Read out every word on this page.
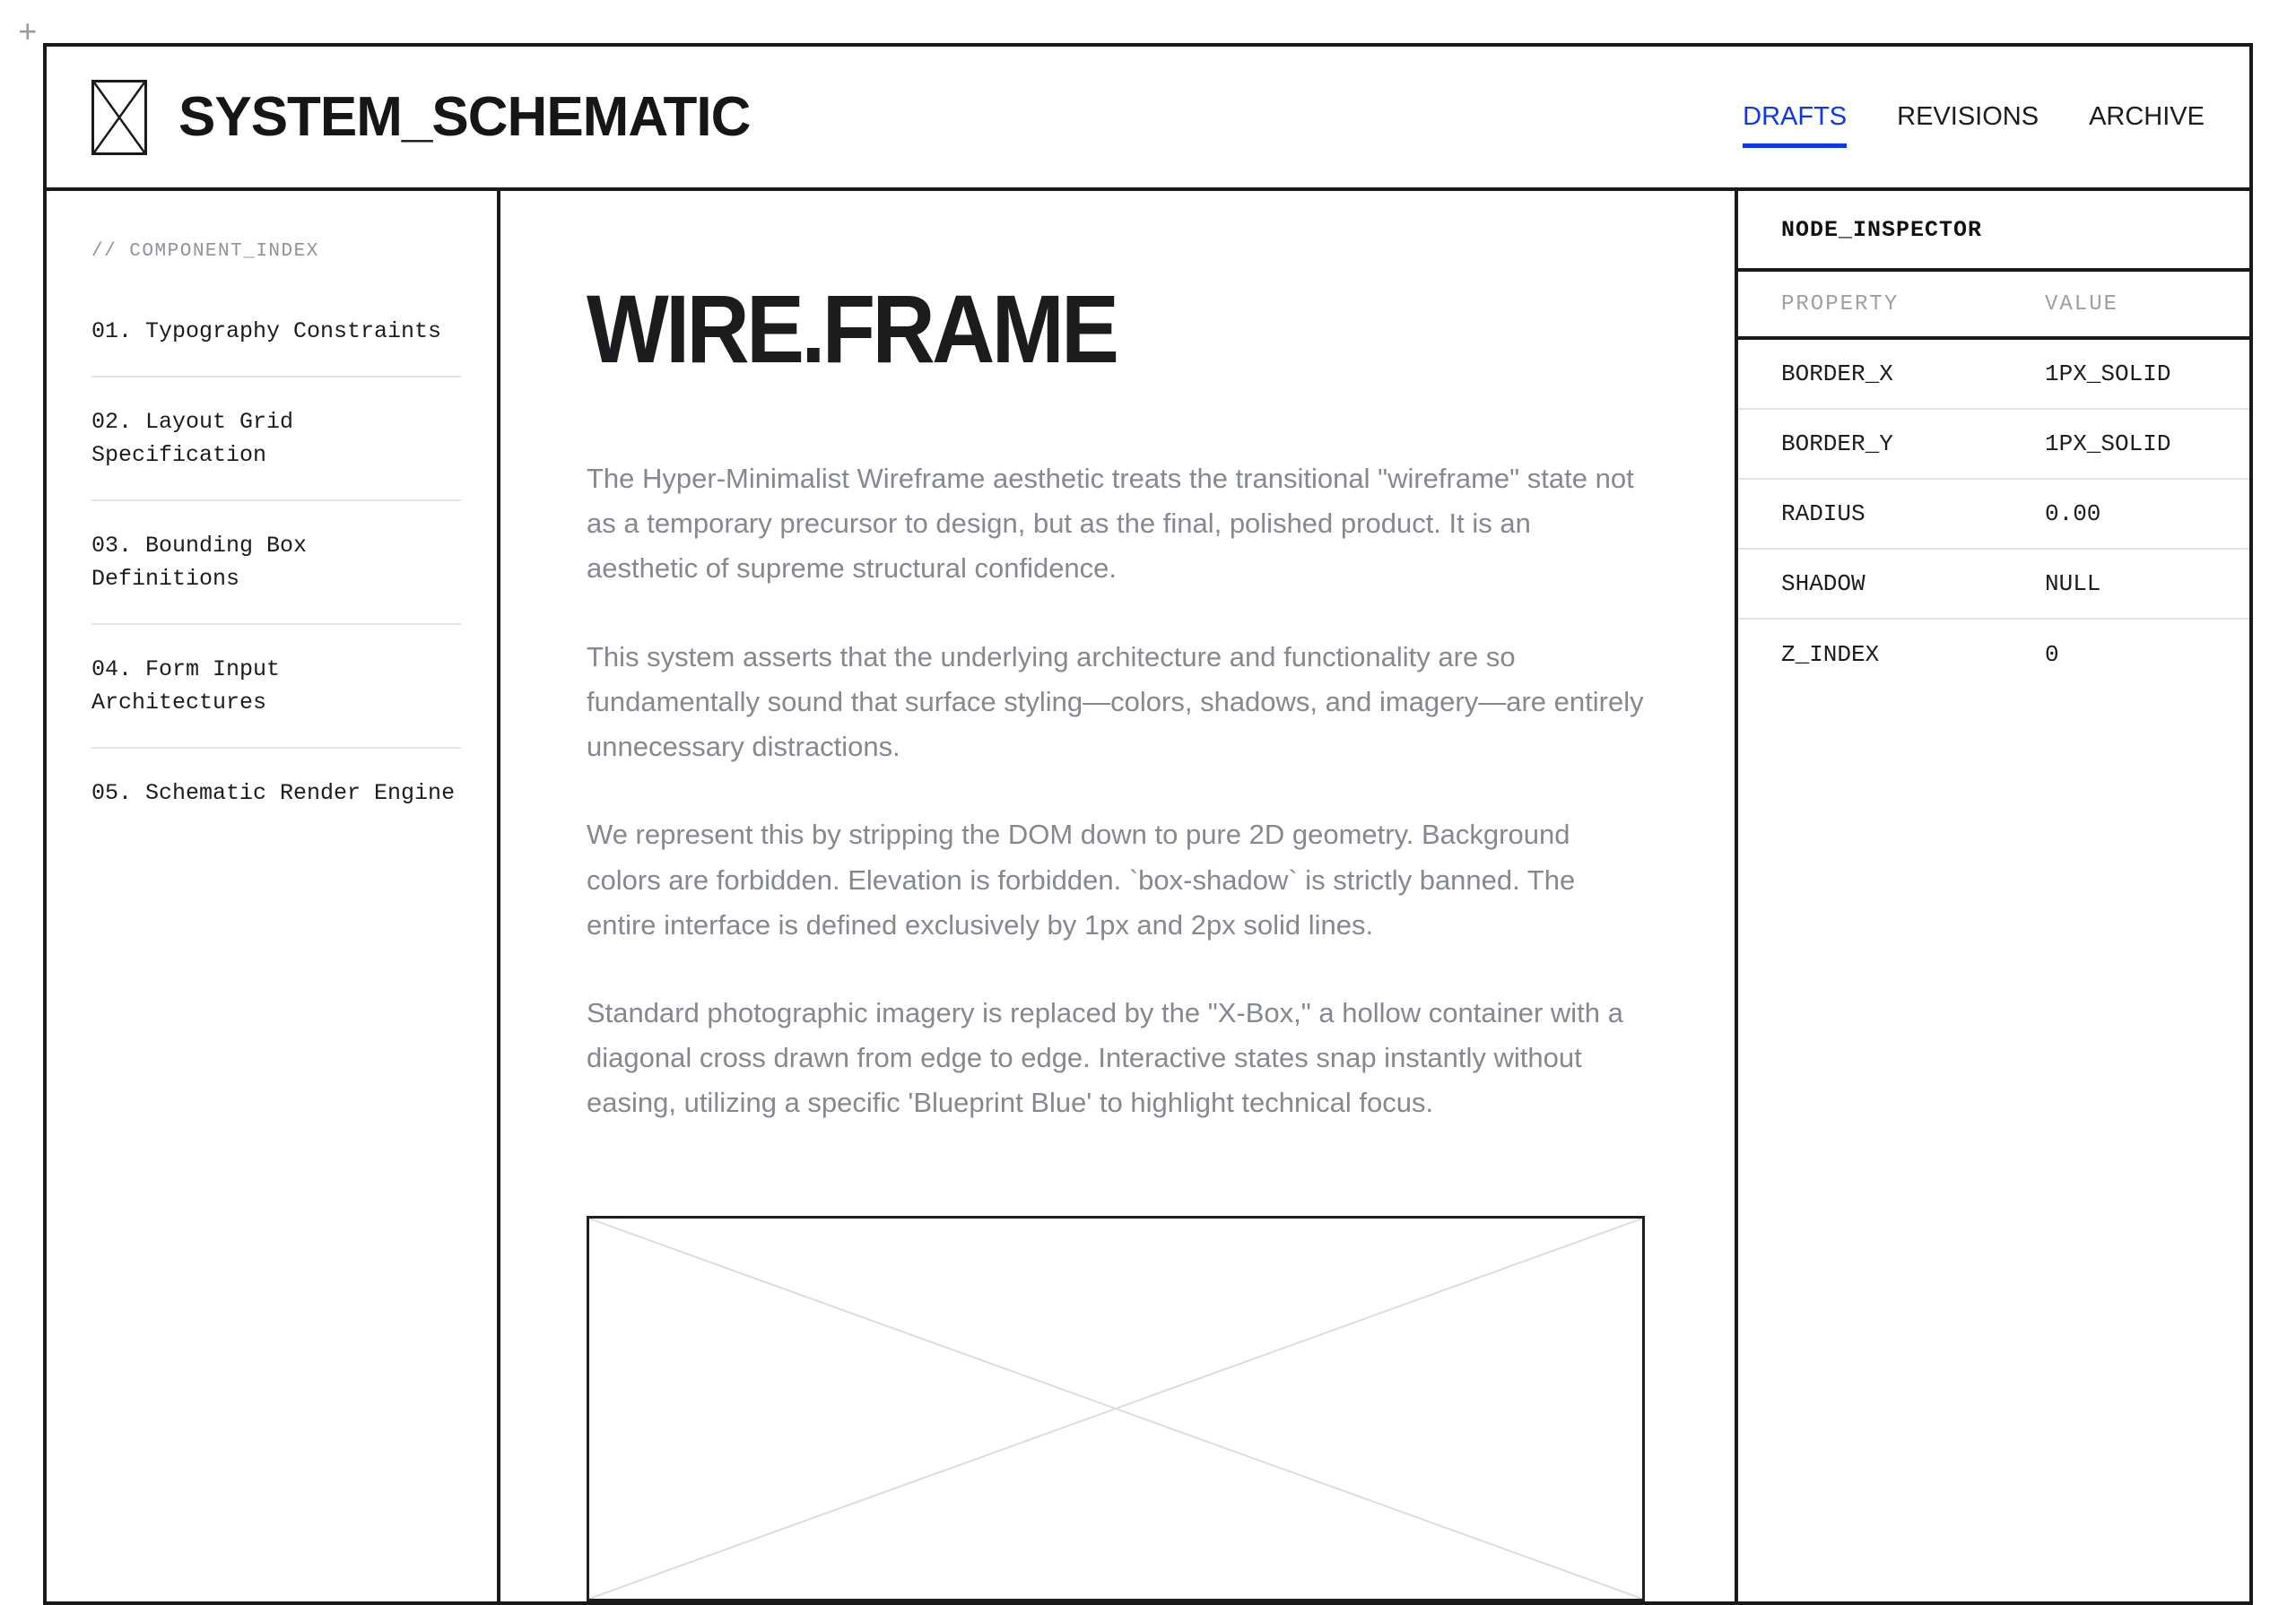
+
SYSTEM_SCHEMATIC	DRAFTS REVISIONS ARCHIVE
// COMPONENT_INDEX
01. Typography Constraints
02. Layout Grid Specification
03. Bounding Box Definitions
04. Form Input Architectures
05. Schematic Render Engine
WIRE.FRAME

The Hyper-Minimalist Wireframe aesthetic treats the transitional "wireframe" state not as a temporary precursor to design, but as the final, polished product. It is an aesthetic of supreme structural confidence.

This system asserts that the underlying architecture and functionality are so fundamentally sound that surface styling—colors, shadows, and imagery—are entirely unnecessary distractions.

We represent this by stripping the DOM down to pure 2D geometry. Background colors are forbidden. Elevation is forbidden. `box-shadow` is strictly banned. The entire interface is defined exclusively by 1px and 2px solid lines.

Standard photographic imagery is replaced by the "X-Box," a hollow container with a diagonal cross drawn from edge to edge. Interactive states snap instantly without easing, utilizing a specific 'Blueprint Blue' to highlight technical focus.

NODE_INSPECTOR
PROPERTY	VALUE
BORDER_X	1PX_SOLID
BORDER_Y	1PX_SOLID
RADIUS	0.00
SHADOW	NULL
Z_INDEX	0
